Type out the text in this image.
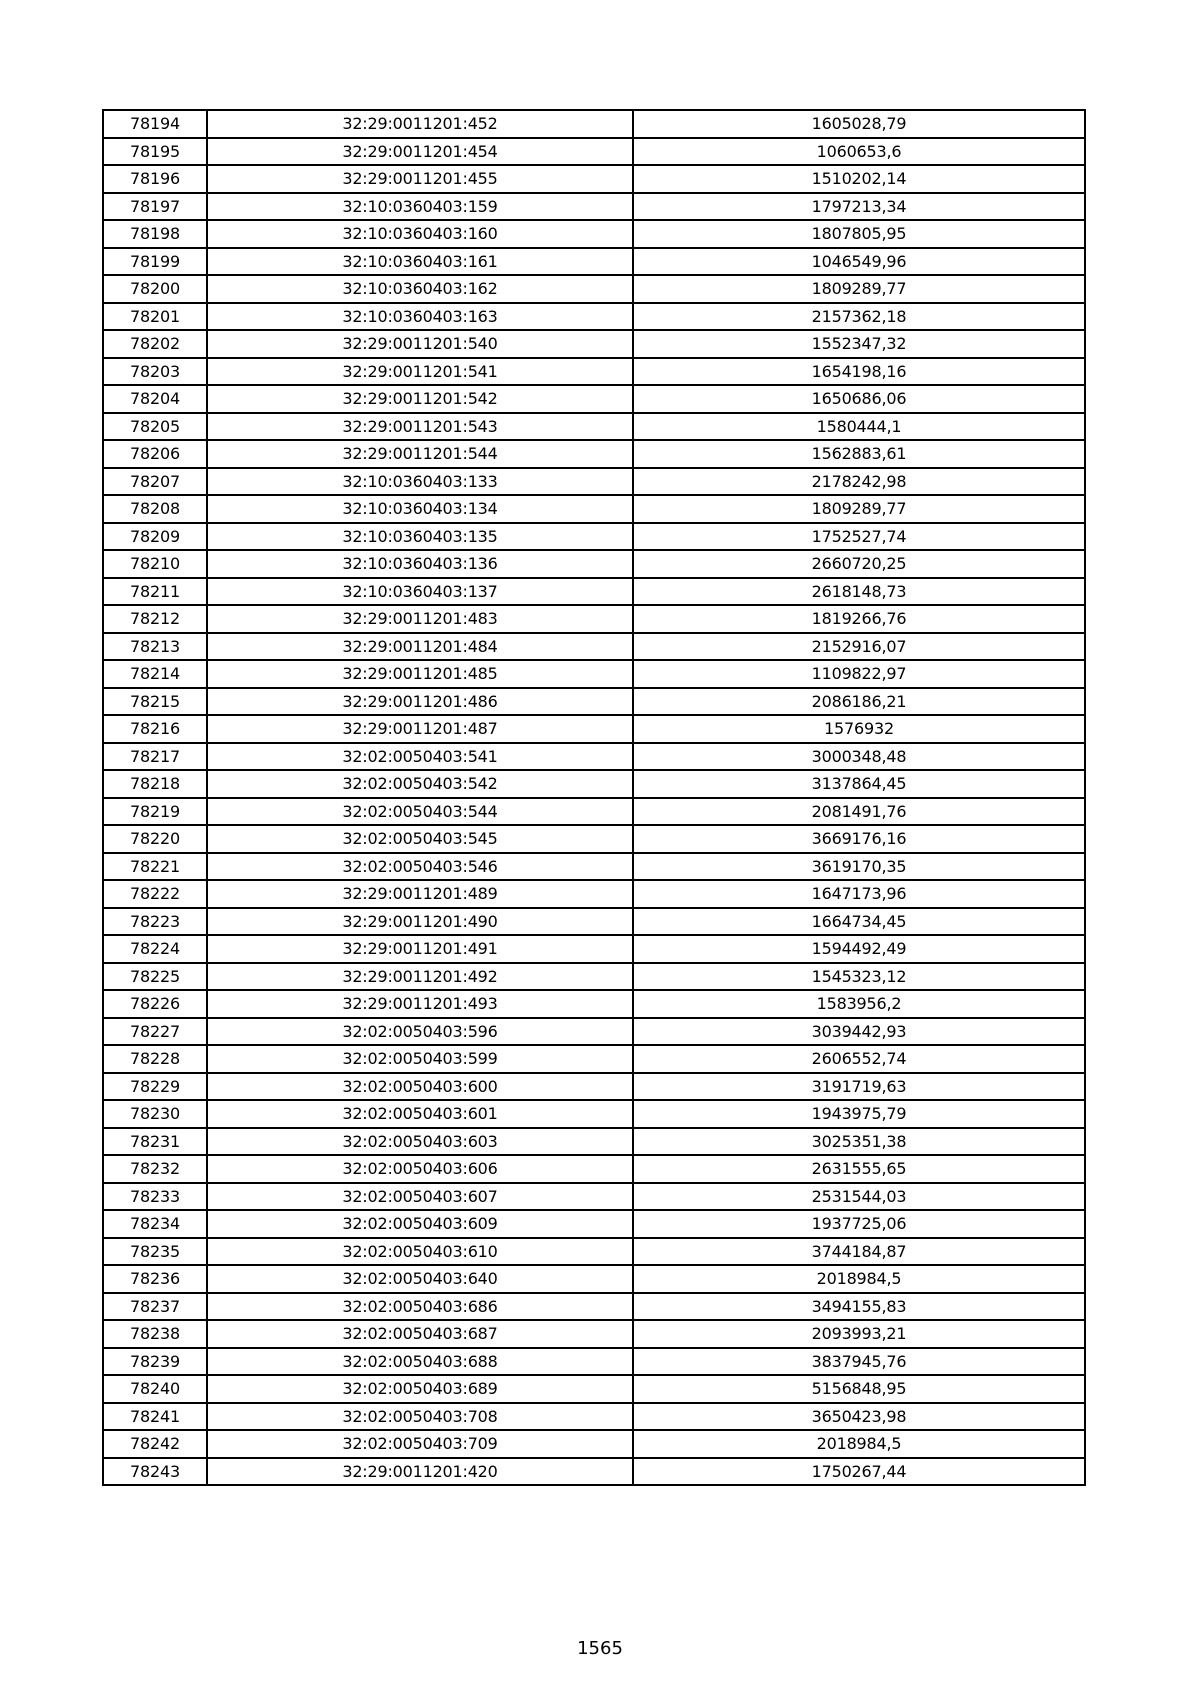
78194	32:29:0011201:452	1605028,79
78195	32:29:0011201:454	1060653,6
78196	32:29:0011201:455	1510202,14
78197	32:10:0360403:159	1797213,34
78198	32:10:0360403:160	1807805,95
78199	32:10:0360403:161	1046549,96
78200	32:10:0360403:162	1809289,77
78201	32:10:0360403:163	2157362,18
78202	32:29:0011201:540	1552347,32
78203	32:29:0011201:541	1654198,16
78204	32:29:0011201:542	1650686,06
78205	32:29:0011201:543	1580444,1
78206	32:29:0011201:544	1562883,61
78207	32:10:0360403:133	2178242,98
78208	32:10:0360403:134	1809289,77
78209	32:10:0360403:135	1752527,74
78210	32:10:0360403:136	2660720,25
78211	32:10:0360403:137	2618148,73
78212	32:29:0011201:483	1819266,76
78213	32:29:0011201:484	2152916,07
78214	32:29:0011201:485	1109822,97
78215	32:29:0011201:486	2086186,21
78216	32:29:0011201:487	1576932
78217	32:02:0050403:541	3000348,48
78218	32:02:0050403:542	3137864,45
78219	32:02:0050403:544	2081491,76
78220	32:02:0050403:545	3669176,16
78221	32:02:0050403:546	3619170,35
78222	32:29:0011201:489	1647173,96
78223	32:29:0011201:490	1664734,45
78224	32:29:0011201:491	1594492,49
78225	32:29:0011201:492	1545323,12
78226	32:29:0011201:493	1583956,2
78227	32:02:0050403:596	3039442,93
78228	32:02:0050403:599	2606552,74
78229	32:02:0050403:600	3191719,63
78230	32:02:0050403:601	1943975,79
78231	32:02:0050403:603	3025351,38
78232	32:02:0050403:606	2631555,65
78233	32:02:0050403:607	2531544,03
78234	32:02:0050403:609	1937725,06
78235	32:02:0050403:610	3744184,87
78236	32:02:0050403:640	2018984,5
78237	32:02:0050403:686	3494155,83
78238	32:02:0050403:687	2093993,21
78239	32:02:0050403:688	3837945,76
78240	32:02:0050403:689	5156848,95
78241	32:02:0050403:708	3650423,98
78242	32:02:0050403:709	2018984,5
78243	32:29:0011201:420	1750267,44
1565
